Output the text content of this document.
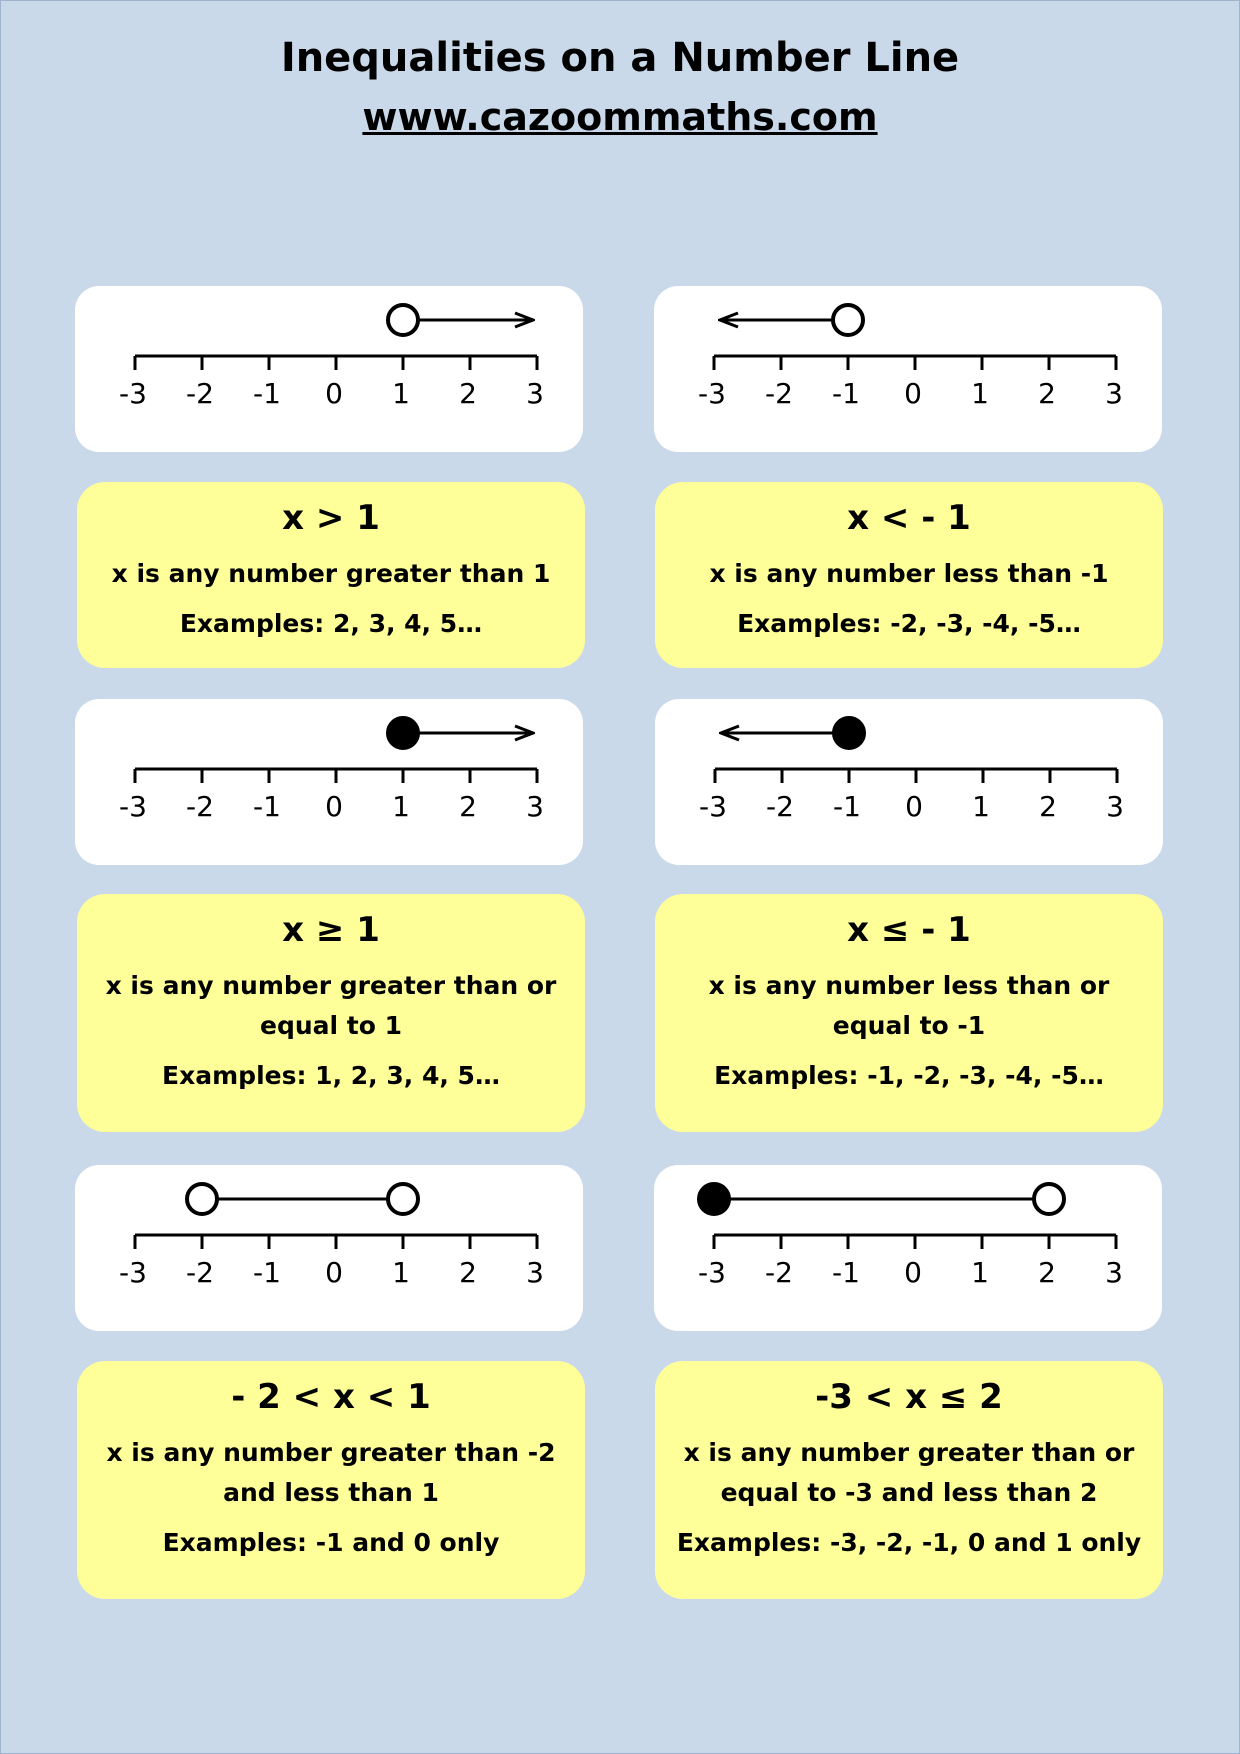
Inequalities on a Number Line
www.cazoommaths.com
-3 -2 -1 0 1 2 3	-3 -2 -1 0 1 2 3
x > 1
x is any number greater than 1
Examples: 2, 3, 4, 5…
x < - 1
x is any number less than -1
Examples: -2, -3, -4, -5…
-3 -2 -1 0 1 2 3	-3 -2 -1 0 1 2 3
x ≥ 1
x is any number greater than or
equal to 1
Examples: 1, 2, 3, 4, 5…
x ≤ - 1
x is any number less than or
equal to -1
Examples: -1, -2, -3, -4, -5…
-3 -2 -1 0 1 2 3	-3 -2 -1 0 1 2 3
- 2 < x < 1
x is any number greater than -2
and less than 1
Examples: -1 and 0 only
-3 < x ≤ 2
x is any number greater than or
equal to -3 and less than 2
Examples: -3, -2, -1, 0 and 1 only
